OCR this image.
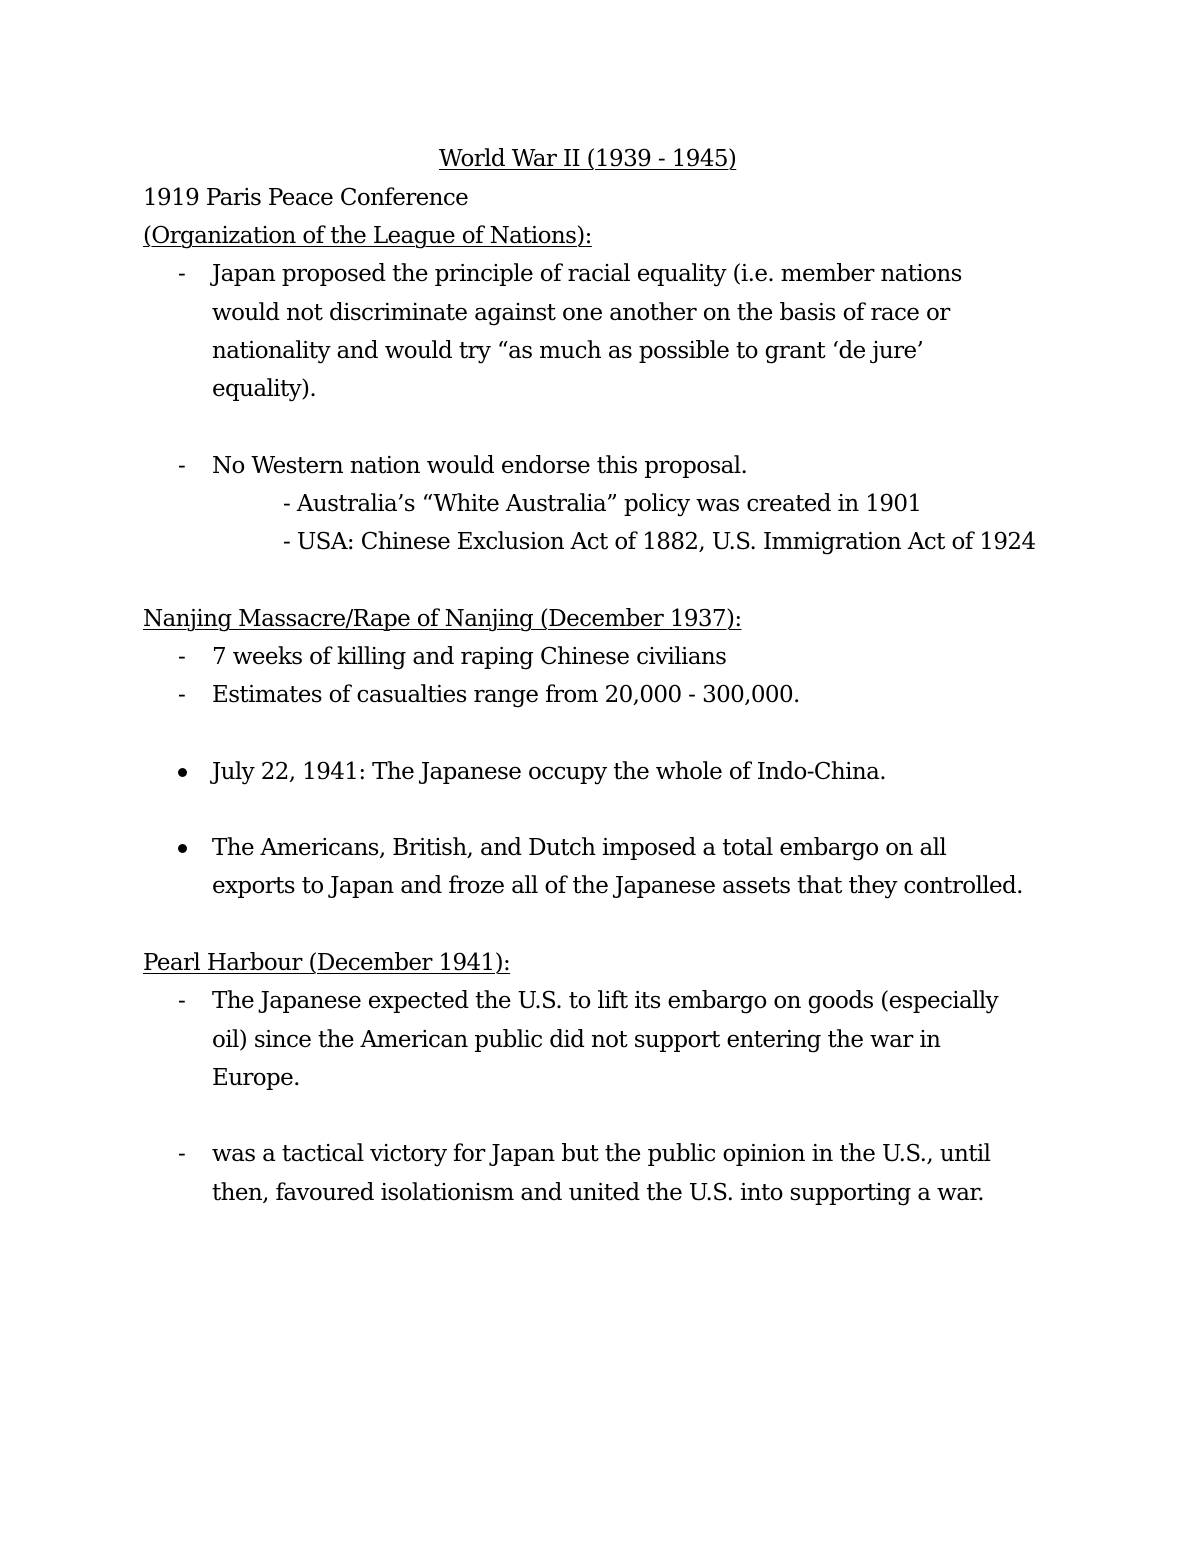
World War II (1939 - 1945)
1919 Paris Peace Conference
(Organization of the League of Nations):
- Japan proposed the principle of racial equality (i.e. member nations
would not discriminate against one another on the basis of race or
nationality and would try “as much as possible to grant ‘de jure’
equality).
- No Western nation would endorse this proposal.
- Australia’s “White Australia” policy was created in 1901
- USA: Chinese Exclusion Act of 1882, U.S. Immigration Act of 1924
Nanjing Massacre/Rape of Nanjing (December 1937):
- 7 weeks of killing and raping Chinese civilians
- Estimates of casualties range from 20,000 - 300,000.
July 22, 1941: The Japanese occupy the whole of Indo-China.
The Americans, British, and Dutch imposed a total embargo on all
exports to Japan and froze all of the Japanese assets that they controlled.
Pearl Harbour (December 1941):
- The Japanese expected the U.S. to lift its embargo on goods (especially
oil) since the American public did not support entering the war in
Europe.
- was a tactical victory for Japan but the public opinion in the U.S., until
then, favoured isolationism and united the U.S. into supporting a war.
